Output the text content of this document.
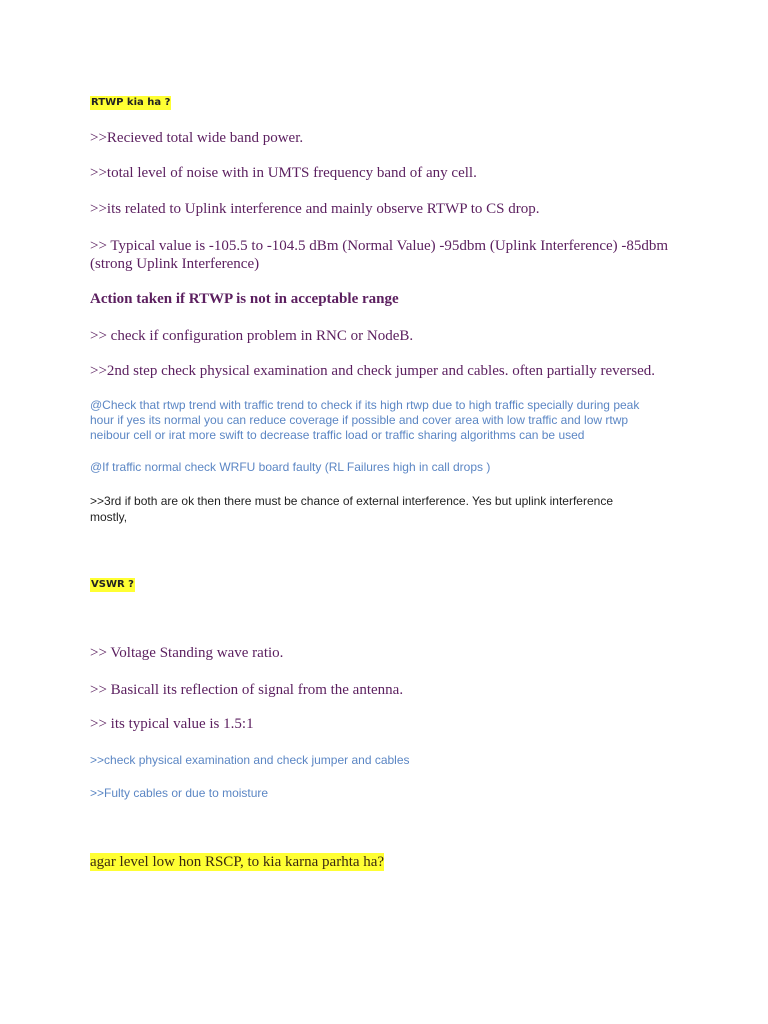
RTWP kia ha ?

>>Recieved total wide band power.

>>total level of noise with in UMTS frequency band of any cell.

>>its related to Uplink interference and mainly observe RTWP to CS drop.

>> Typical value is -105.5 to -104.5 dBm (Normal Value) -95dbm (Uplink Interference) -85dbm

(strong Uplink Interference)

Action taken if RTWP is not in acceptable range

>> check if configuration problem in RNC or NodeB.

>>2nd step check physical examination and check jumper and cables. often partially reversed.

@Check that rtwp trend with traffic trend to check if its high rtwp due to high traffic specially during peak

hour if yes its normal you can reduce coverage if possible and cover area with low traffic and low rtwp

neibour cell or irat more swift to decrease traffic load or traffic sharing algorithms can be used

@If traffic normal check WRFU board faulty (RL Failures high in call drops )

>>3rd if both are ok then there must be chance of external interference. Yes but uplink interference

mostly,

VSWR ?

>> Voltage Standing wave ratio.

>> Basicall its reflection of signal from the antenna.

>> its typical value is 1.5:1

>>check physical examination and check jumper and cables

>>Fulty cables or due to moisture

agar level low hon RSCP, to kia karna parhta ha?
